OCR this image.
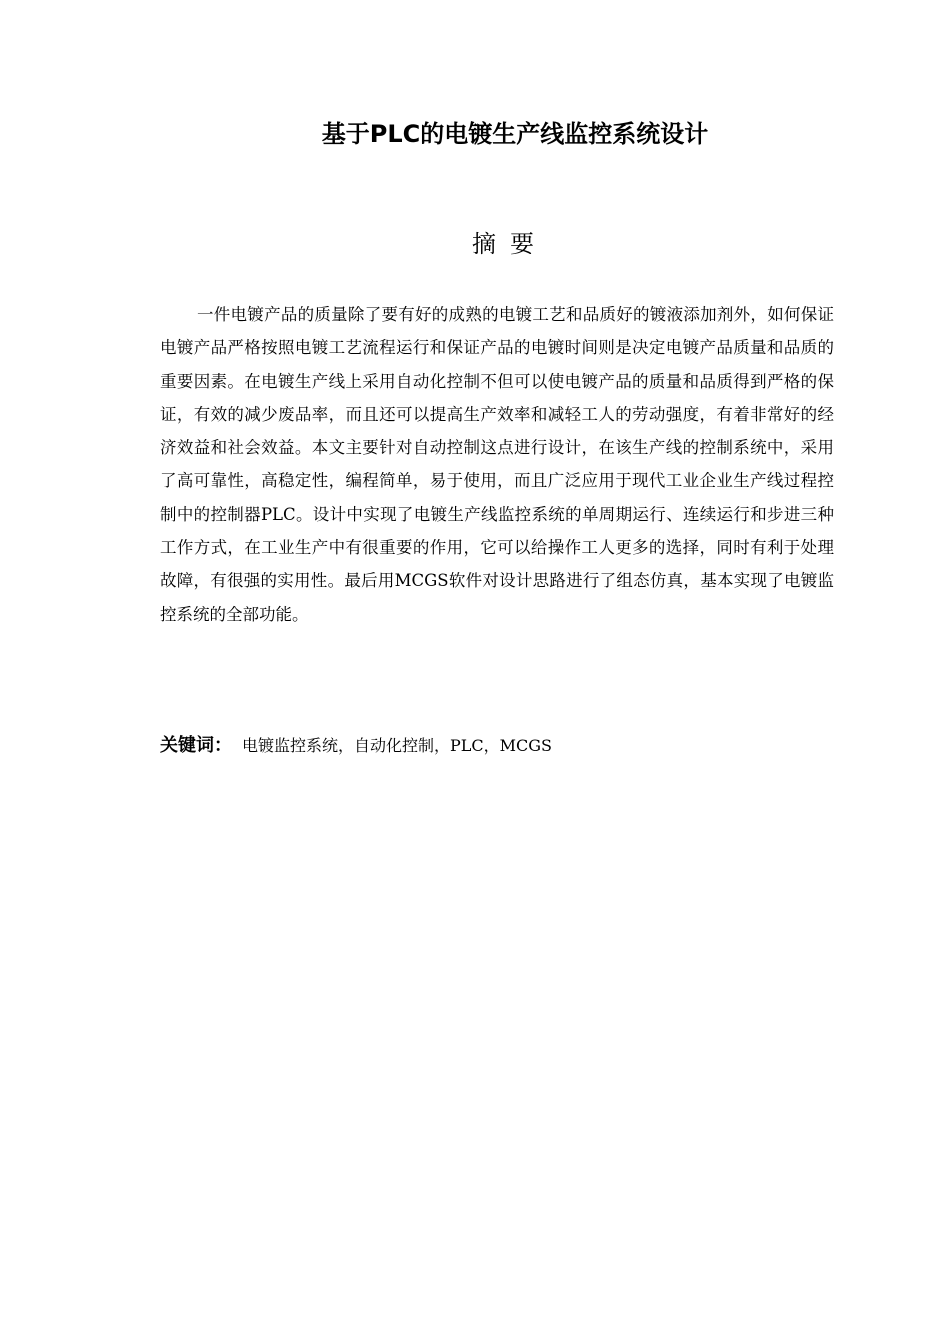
基于PLC的电镀生产线监控系统设计
摘要

一件电镀产品的质量除了要有好的成熟的电镀工艺和品质好的镀液添加剂外，如何保证电镀产品严格按照电镀工艺流程运行和保证产品的电镀时间则是决定电镀产品质量和品质的重要因素。在电镀生产线上采用自动化控制不但可以使电镀产品的质量和品质得到严格的保证，有效的减少废品率，而且还可以提高生产效率和减轻工人的劳动强度，有着非常好的经济效益和社会效益。本文主要针对自动控制这点进行设计，在该生产线的控制系统中，采用了高可靠性，高稳定性，编程简单，易于使用，而且广泛应用于现代工业企业生产线过程控制中的控制器PLC。设计中实现了电镀生产线监控系统的单周期运行、连续运行和步进三种工作方式，在工业生产中有很重要的作用，它可以给操作工人更多的选择，同时有利于处理故障，有很强的实用性。最后用MCGS软件对设计思路进行了组态仿真，基本实现了电镀监控系统的全部功能。

关键词： 电镀监控系统，自动化控制，PLC，MCGS
